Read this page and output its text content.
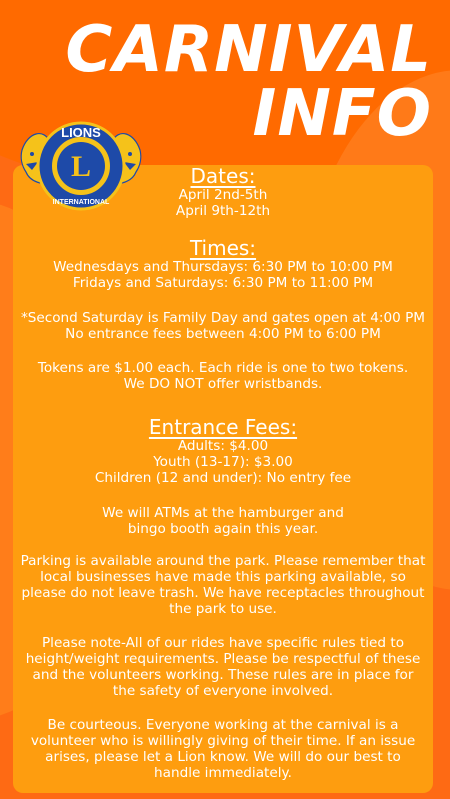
CARNIVAL
INFO
L
LIONS
INTERNATIONAL
Dates:
April 2nd-5th
April 9th-12th
Times:
Wednesdays and Thursdays: 6:30 PM to 10:00 PM
Fridays and Saturdays: 6:30 PM to 11:00 PM
*Second Saturday is Family Day and gates open at 4:00 PM
No entrance fees between 4:00 PM to 6:00 PM
Tokens are $1.00 each. Each ride is one to two tokens.
We DO NOT offer wristbands.
Entrance Fees:
Adults: $4.00
Youth (13-17): $3.00
Children (12 and under): No entry fee
We will ATMs at the hamburger and
bingo booth again this year.
Parking is available around the park. Please remember that
local businesses have made this parking available, so
please do not leave trash. We have receptacles throughout
the park to use.
Please note-All of our rides have specific rules tied to
height/weight requirements. Please be respectful of these
and the volunteers working. These rules are in place for
the safety of everyone involved.
Be courteous. Everyone working at the carnival is a
volunteer who is willingly giving of their time. If an issue
arises, please let a Lion know. We will do our best to
handle immediately.
